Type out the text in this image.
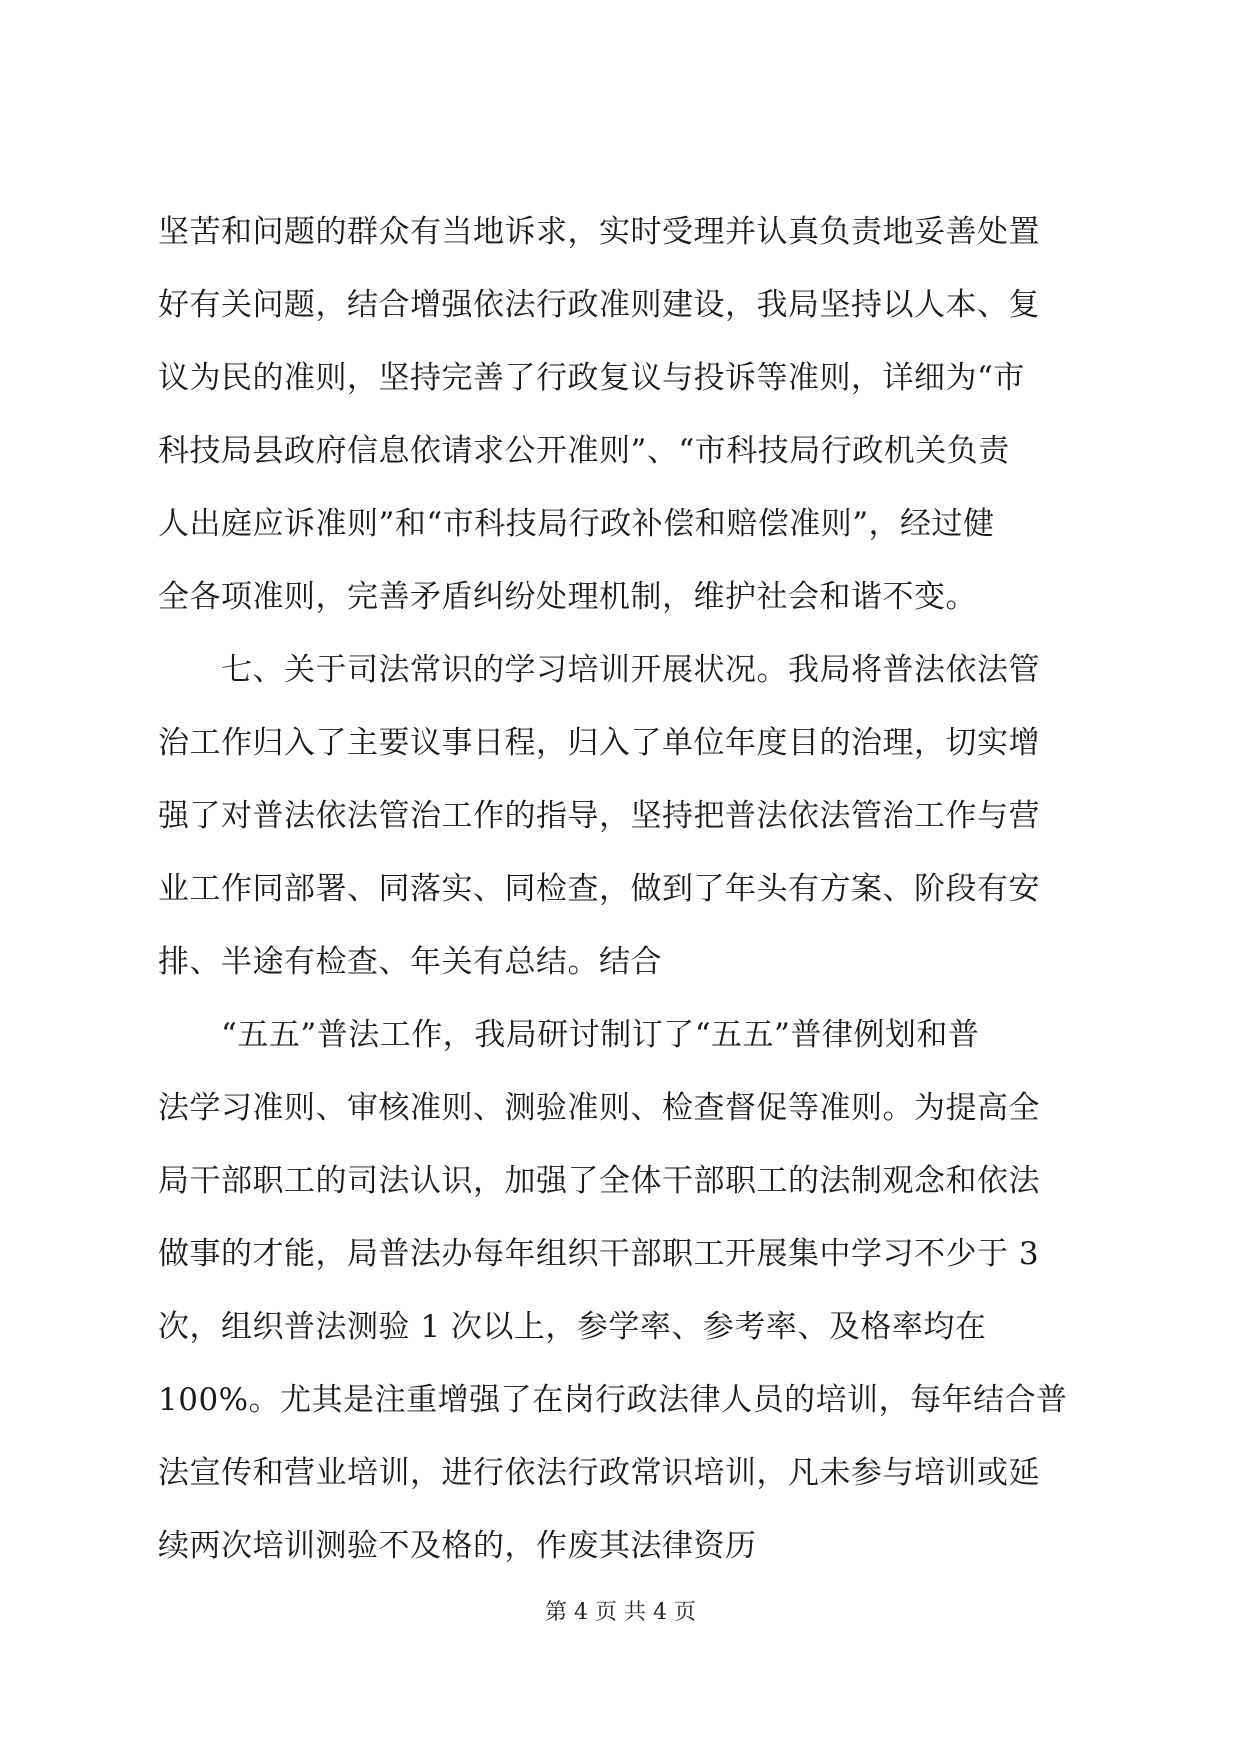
坚苦和问题的群众有当地诉求，实时受理并认真负责地妥善处置
好有关问题，结合增强依法行政准则建设，我局坚持以人本、复
议为民的准则，坚持完善了行政复议与投诉等准则，详细为“市
科技局县政府信息依请求公开准则”、“市科技局行政机关负责
人出庭应诉准则”和“市科技局行政补偿和赔偿准则”，经过健
全各项准则，完善矛盾纠纷处理机制，维护社会和谐不变。
　　七、关于司法常识的学习培训开展状况。我局将普法依法管
治工作归入了主要议事日程，归入了单位年度目的治理，切实增
强了对普法依法管治工作的指导，坚持把普法依法管治工作与营
业工作同部署、同落实、同检查，做到了年头有方案、阶段有安
排、半途有检查、年关有总结。结合
　　“五五”普法工作，我局研讨制订了“五五”普律例划和普
法学习准则、审核准则、测验准则、检查督促等准则。为提高全
局干部职工的司法认识，加强了全体干部职工的法制观念和依法
做事的才能，局普法办每年组织干部职工开展集中学习不少于 3
次，组织普法测验 1 次以上，参学率、参考率、及格率均在
100%。尤其是注重增强了在岗行政法律人员的培训，每年结合普
法宣传和营业培训，进行依法行政常识培训，凡未参与培训或延
续两次培训测验不及格的，作废其法律资历
第 4 页 共 4 页
